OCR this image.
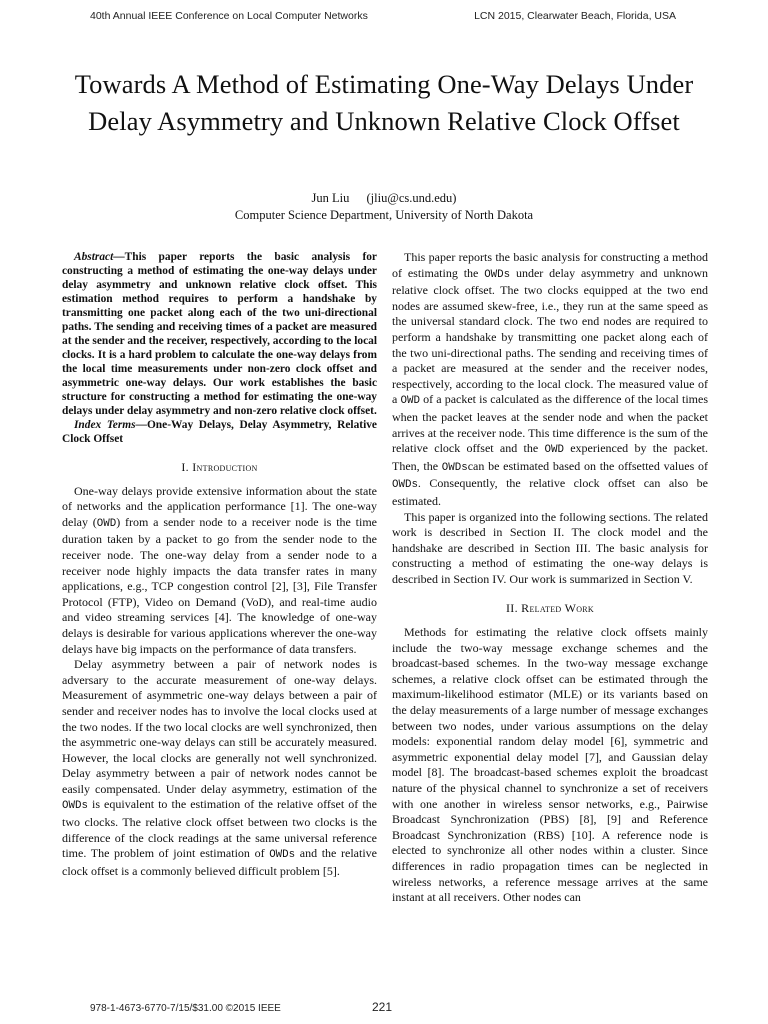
40th Annual IEEE Conference on Local Computer Networks	LCN 2015, Clearwater Beach, Florida, USA
Towards A Method of Estimating One-Way Delays Under Delay Asymmetry and Unknown Relative Clock Offset
Jun Liu (jliu@cs.und.edu)
Computer Science Department, University of North Dakota

Abstract—This paper reports the basic analysis for constructing a method of estimating the one-way delays under delay asymmetry and unknown relative clock offset. This estimation method requires to perform a handshake by transmitting one packet along each of the two uni-directional paths. The sending and receiving times of a packet are measured at the sender and the receiver, respectively, according to the local clocks. It is a hard problem to calculate the one-way delays from the local time measurements under non-zero clock offset and asymmetric one-way delays. Our work establishes the basic structure for constructing a method for estimating the one-way delays under delay asymmetry and non-zero relative clock offset.

Index Terms—One-Way Delays, Delay Asymmetry, Relative Clock Offset

I. Introduction

One-way delays provide extensive information about the state of networks and the application performance [1]. The one-way delay (OWD) from a sender node to a receiver node is the time duration taken by a packet to go from the sender node to the receiver node. The one-way delay from a sender node to a receiver node highly impacts the data transfer rates in many applications, e.g., TCP congestion control [2], [3], File Transfer Protocol (FTP), Video on Demand (VoD), and real-time audio and video streaming services [4]. The knowledge of one-way delays is desirable for various applications wherever the one-way delays have big impacts on the performance of data transfers.

Delay asymmetry between a pair of network nodes is adversary to the accurate measurement of one-way delays. Measurement of asymmetric one-way delays between a pair of sender and receiver nodes has to involve the local clocks used at the two nodes. If the two local clocks are well synchronized, then the asymmetric one-way delays can still be accurately measured. However, the local clocks are generally not well synchronized. Delay asymmetry between a pair of network nodes cannot be easily compensated. Under delay asymmetry, estimation of the OWDs is equivalent to the estimation of the relative offset of the two clocks. The relative clock offset between two clocks is the difference of the clock readings at the same universal reference time. The problem of joint estimation of OWDs and the relative clock offset is a commonly believed difficult problem [5].

This paper reports the basic analysis for constructing a method of estimating the OWDs under delay asymmetry and unknown relative clock offset. The two clocks equipped at the two end nodes are assumed skew-free, i.e., they run at the same speed as the universal standard clock. The two end nodes are required to perform a handshake by transmitting one packet along each of the two uni-directional paths. The sending and receiving times of a packet are measured at the sender and the receiver nodes, respectively, according to the local clock. The measured value of a OWD of a packet is calculated as the difference of the local times when the packet leaves at the sender node and when the packet arrives at the receiver node. This time difference is the sum of the relative clock offset and the OWD experienced by the packet. Then, the OWDscan be estimated based on the offsetted values of OWDs. Consequently, the relative clock offset can also be estimated.

This paper is organized into the following sections. The related work is described in Section II. The clock model and the handshake are described in Section III. The basic analysis for constructing a method of estimating the one-way delays is described in Section IV. Our work is summarized in Section V.

II. Related Work

Methods for estimating the relative clock offsets mainly include the two-way message exchange schemes and the broadcast-based schemes. In the two-way message exchange schemes, a relative clock offset can be estimated through the maximum-likelihood estimator (MLE) or its variants based on the delay measurements of a large number of message exchanges between two nodes, under various assumptions on the delay models: exponential random delay model [6], symmetric and asymmetric exponential delay model [7], and Gaussian delay model [8]. The broadcast-based schemes exploit the broadcast nature of the physical channel to synchronize a set of receivers with one another in wireless sensor networks, e.g., Pairwise Broadcast Synchronization (PBS) [8], [9] and Reference Broadcast Synchronization (RBS) [10]. A reference node is elected to synchronize all other nodes within a cluster. Since differences in radio propagation times can be neglected in wireless networks, a reference message arrives at the same instant at all receivers. Other nodes can

978-1-4673-6770-7/15/$31.00 ©2015 IEEE	221
